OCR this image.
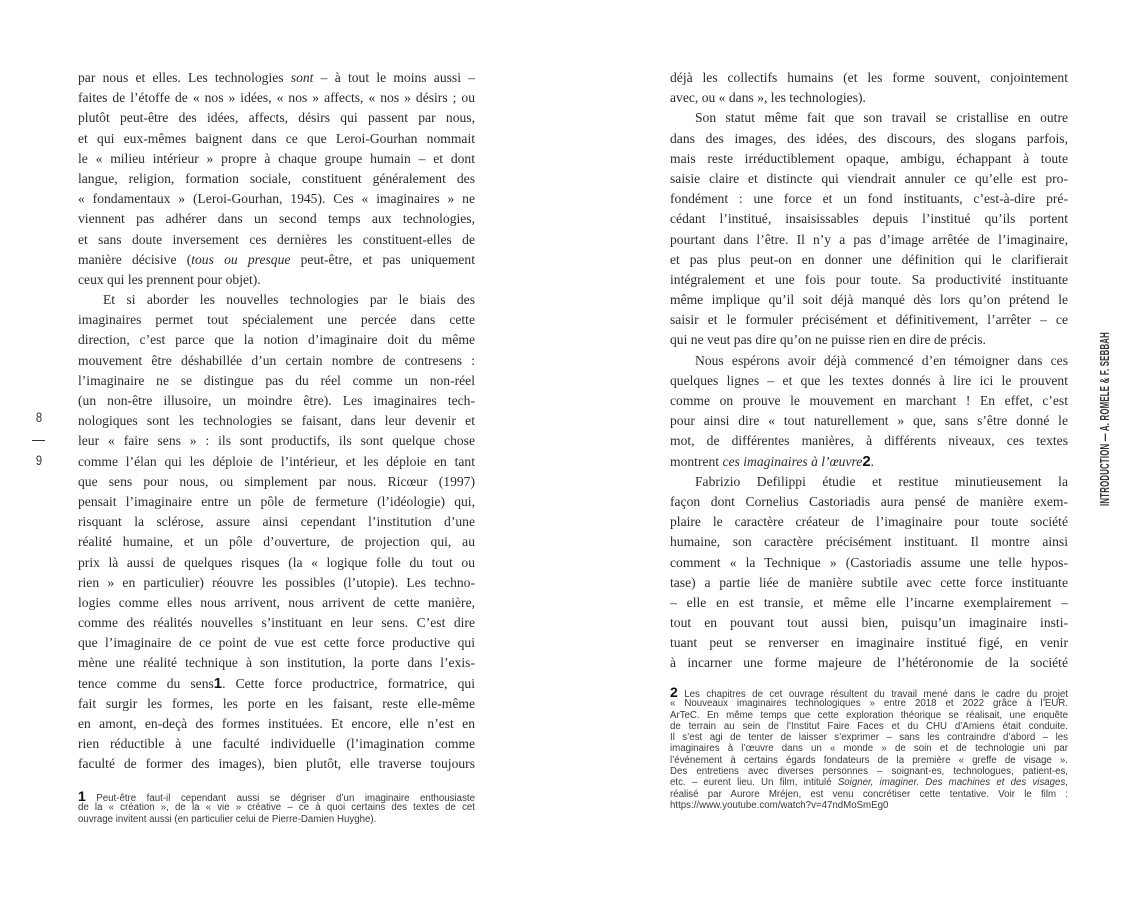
par nous et elles. Les technologies sont – à tout le moins aussi –
faites de l’étoffe de « nos » idées, « nos » affects, « nos » désirs ; ou
plutôt peut-être des idées, affects, désirs qui passent par nous,
et qui eux-mêmes baignent dans ce que Leroi-Gourhan nommait
le « milieu intérieur » propre à chaque groupe humain – et dont
langue, religion, formation sociale, constituent généralement des
« fondamentaux » (Leroi-Gourhan, 1945). Ces « imaginaires » ne
viennent pas adhérer dans un second temps aux technologies,
et sans doute inversement ces dernières les constituent-elles de
manière décisive (tous ou presque peut-être, et pas uniquement
ceux qui les prennent pour objet).
Et si aborder les nouvelles technologies par le biais des
imaginaires permet tout spécialement une percée dans cette
direction, c’est parce que la notion d’imaginaire doit du même
mouvement être déshabillée d’un certain nombre de contresens :
l’imaginaire ne se distingue pas du réel comme un non-réel
(un non-être illusoire, un moindre être). Les imaginaires tech-
nologiques sont les technologies se faisant, dans leur devenir et
leur « faire sens » : ils sont productifs, ils sont quelque chose
comme l’élan qui les déploie de l’intérieur, et les déploie en tant
que sens pour nous, ou simplement par nous. Ricœur (1997)
pensait l’imaginaire entre un pôle de fermeture (l’idéologie) qui,
risquant la sclérose, assure ainsi cependant l’institution d’une
réalité humaine, et un pôle d’ouverture, de projection qui, au
prix là aussi de quelques risques (la « logique folle du tout ou
rien » en particulier) réouvre les possibles (l’utopie). Les techno-
logies comme elles nous arrivent, nous arrivent de cette manière,
comme des réalités nouvelles s’instituant en leur sens. C’est dire
que l’imaginaire de ce point de vue est cette force productive qui
mène une réalité technique à son institution, la porte dans l’exis-
tence comme du sens1. Cette force productrice, formatrice, qui
fait surgir les formes, les porte en les faisant, reste elle-même
en amont, en-deçà des formes instituées. Et encore, elle n’est en
rien réductible à une faculté individuelle (l’imagination comme
faculté de former des images), bien plutôt, elle traverse toujours
1 Peut-être faut-il cependant aussi se dégriser d’un imaginaire enthousiaste
de la « création », de la « vie » créative – ce à quoi certains des textes de cet
ouvrage invitent aussi (en particulier celui de Pierre-Damien Huyghe).
déjà les collectifs humains (et les forme souvent, conjointement
avec, ou « dans », les technologies).
Son statut même fait que son travail se cristallise en outre
dans des images, des idées, des discours, des slogans parfois,
mais reste irréductiblement opaque, ambigu, échappant à toute
saisie claire et distincte qui viendrait annuler ce qu’elle est pro-
fondément : une force et un fond instituants, c’est-à-dire pré-
cédant l’institué, insaisissables depuis l’institué qu’ils portent
pourtant dans l’être. Il n’y a pas d’image arrêtée de l’imaginaire,
et pas plus peut-on en donner une définition qui le clarifierait
intégralement et une fois pour toute. Sa productivité instituante
même implique qu’il soit déjà manqué dès lors qu’on prétend le
saisir et le formuler précisément et définitivement, l’arrêter – ce
qui ne veut pas dire qu’on ne puisse rien en dire de précis.
Nous espérons avoir déjà commencé d’en témoigner dans ces
quelques lignes – et que les textes donnés à lire ici le prouvent
comme on prouve le mouvement en marchant ! En effet, c’est
pour ainsi dire « tout naturellement » que, sans s’être donné le
mot, de différentes manières, à différents niveaux, ces textes
montrent ces imaginaires à l’œuvre2.
Fabrizio Defilippi étudie et restitue minutieusement la
façon dont Cornelius Castoriadis aura pensé de manière exem-
plaire le caractère créateur de l’imaginaire pour toute société
humaine, son caractère précisément instituant. Il montre ainsi
comment « la Technique » (Castoriadis assume une telle hypos-
tase) a partie liée de manière subtile avec cette force instituante
– elle en est transie, et même elle l’incarne exemplairement –
tout en pouvant tout aussi bien, puisqu’un imaginaire insti-
tuant peut se renverser en imaginaire institué figé, en venir
à incarner une forme majeure de l’hétéronomie de la société
2 Les chapitres de cet ouvrage résultent du travail mené dans le cadre du projet
« Nouveaux imaginaires technologiques » entre 2018 et 2022 grâce à l’EUR.
ArTeC. En même temps que cette exploration théorique se réalisait, une enquête
de terrain au sein de l’Institut Faire Faces et du CHU d’Amiens était conduite.
Il s’est agi de tenter de laisser s’exprimer – sans les contraindre d’abord – les
imaginaires à l’œuvre dans un « monde » de soin et de technologie uni par
l’événement à certains égards fondateurs de la première « greffe de visage ».
Des entretiens avec diverses personnes – soignant-es, technologues, patient-es,
etc. – eurent lieu. Un film, intitulé Soigner, imaginer. Des machines et des visages,
réalisé par Aurore Mréjen, est venu concrétiser cette tentative. Voir le film :
https://www.youtube.com/watch?v=47ndMoSmEg0
8
9	INTRODUCTION — A. ROMELE & F. SEBBAH
